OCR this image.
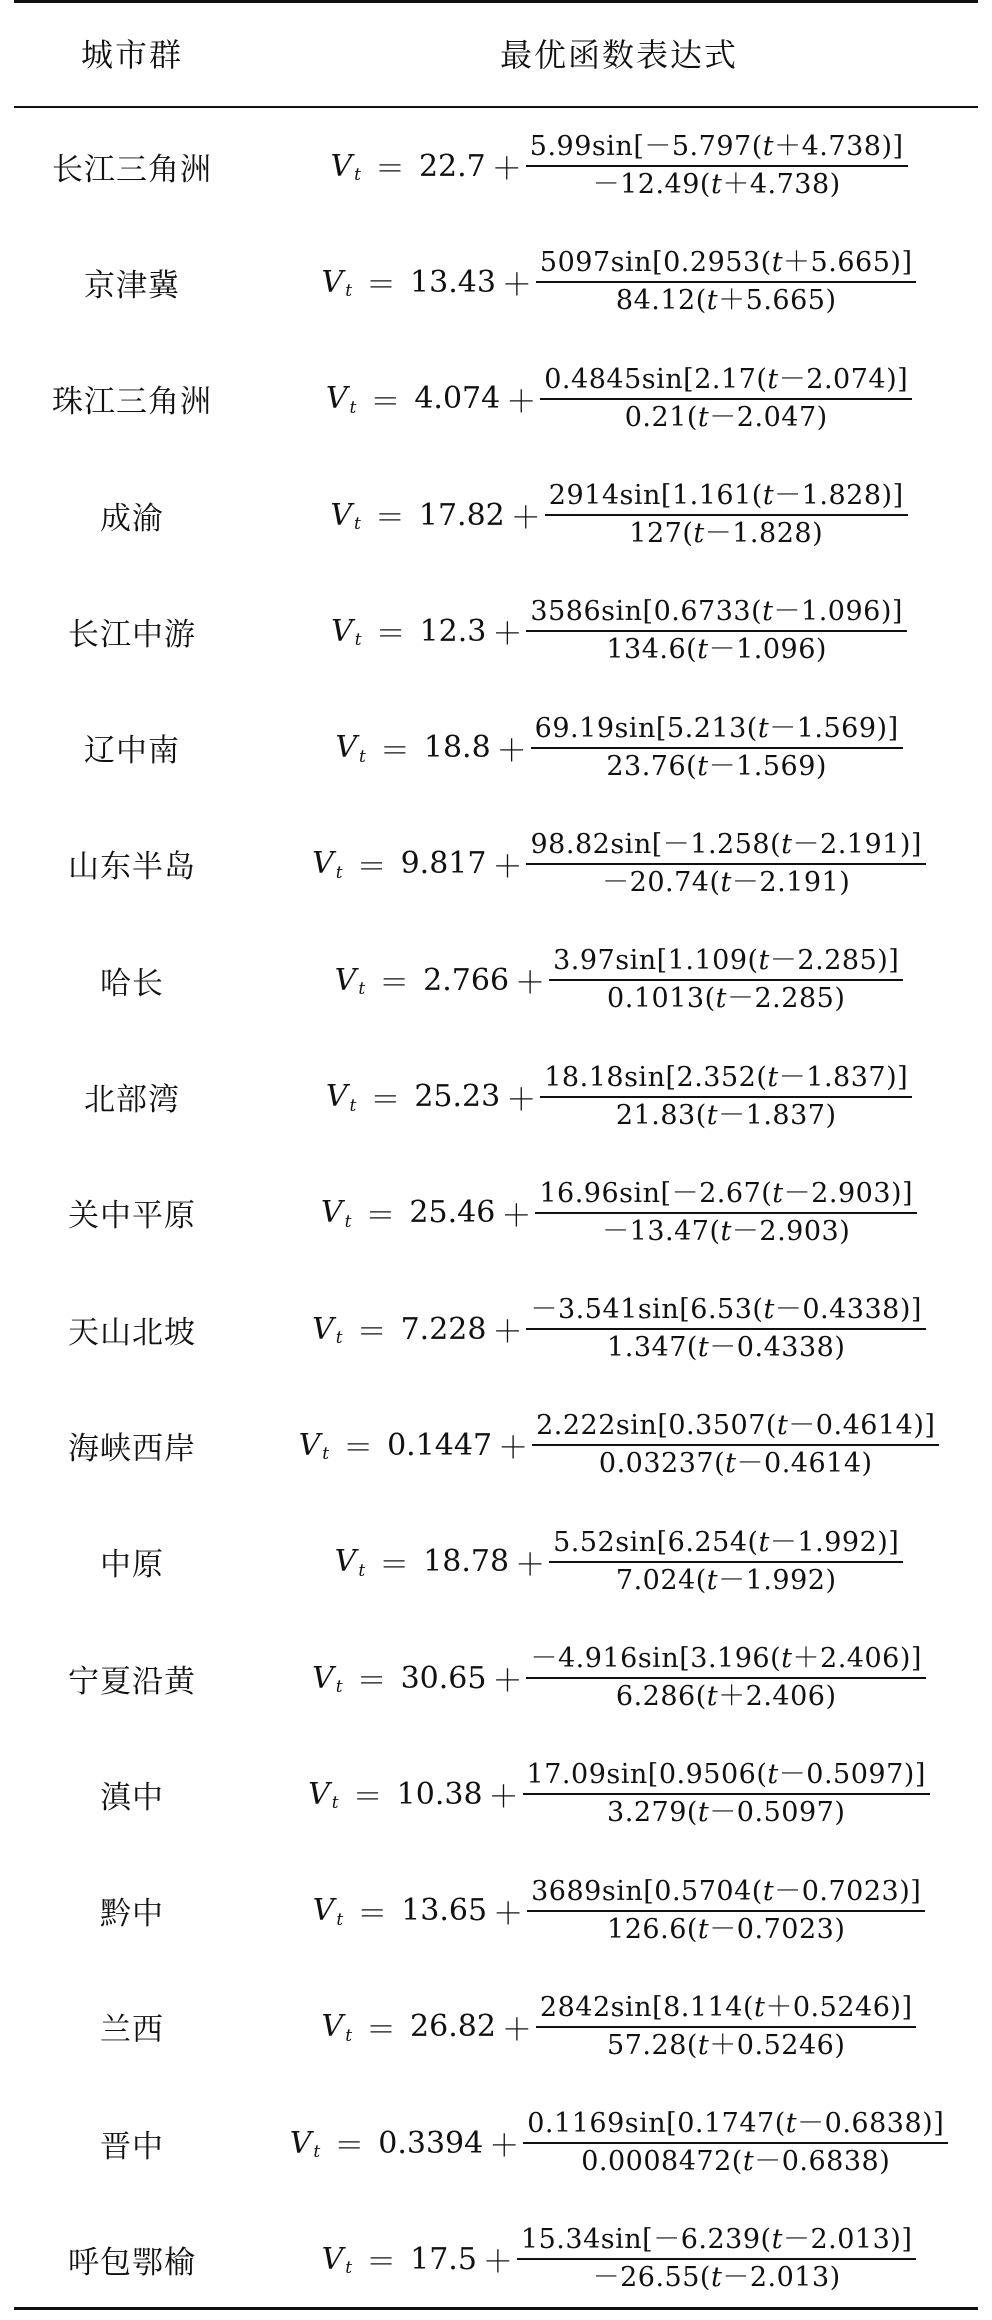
城市群	最优函数表达式
长江三角洲	V $t = 22.7 + \frac{5.99\sin[-5.797(t+4.738)]}{-12.49(t+4.738)}$
京津冀	V $t = 13.43 + \frac{5097\sin[0.2953(t+5.665)]}{84.12(t+5.665)}$
珠江三角洲	V $t = 4.074 + \frac{0.4845\sin[2.17(t-2.074)]}{0.21(t-2.047)}$
成渝	V $t = 17.82 + \frac{2914\sin[1.161(t-1.828)]}{127(t-1.828)}$
长江中游	V $t = 12.3 + \frac{3586\sin[0.6733(t-1.096)]}{134.6(t-1.096)}$
辽中南	V $t = 18.8 + \frac{69.19\sin[5.213(t-1.569)]}{23.76(t-1.569)}$
山东半岛	V $t = 9.817 + \frac{98.82\sin[-1.258(t-2.191)]}{-20.74(t-2.191)}$
哈长	V $t = 2.766 + \frac{3.97\sin[1.109(t-2.285)]}{0.1013(t-2.285)}$
北部湾	V $t = 25.23 + \frac{18.18\sin[2.352(t-1.837)]}{21.83(t-1.837)}$
关中平原	V $t = 25.46 + \frac{16.96\sin[-2.67(t-2.903)]}{-13.47(t-2.903)}$
天山北坡	V $t = 7.228 + \frac{-3.541\sin[6.53(t-0.4338)]}{1.347(t-0.4338)}$
海峡西岸	V $t = 0.1447 + \frac{2.222\sin[0.3507(t-0.4614)]}{0.03237(t-0.4614)}$
中原	V $t = 18.78 + \frac{5.52\sin[6.254(t-1.992)]}{7.024(t-1.992)}$
宁夏沿黄	V $t = 30.65 + \frac{-4.916\sin[3.196(t+2.406)]}{6.286(t+2.406)}$
滇中	V $t = 10.38 + \frac{17.09\sin[0.9506(t-0.5097)]}{3.279(t-0.5097)}$
黔中	V $t = 13.65 + \frac{3689\sin[0.5704(t-0.7023)]}{126.6(t-0.7023)}$
兰西	V $t = 26.82 + \frac{2842\sin[8.114(t+0.5246)]}{57.28(t+0.5246)}$
晋中	V $t = 0.3394 + \frac{0.1169\sin[0.1747(t-0.6838)]}{0.0008472(t-0.6838)}$
呼包鄂榆	V $t = 17.5 + \frac{15.34\sin[-6.239(t-2.013)]}{-26.55(t-2.013)}$
